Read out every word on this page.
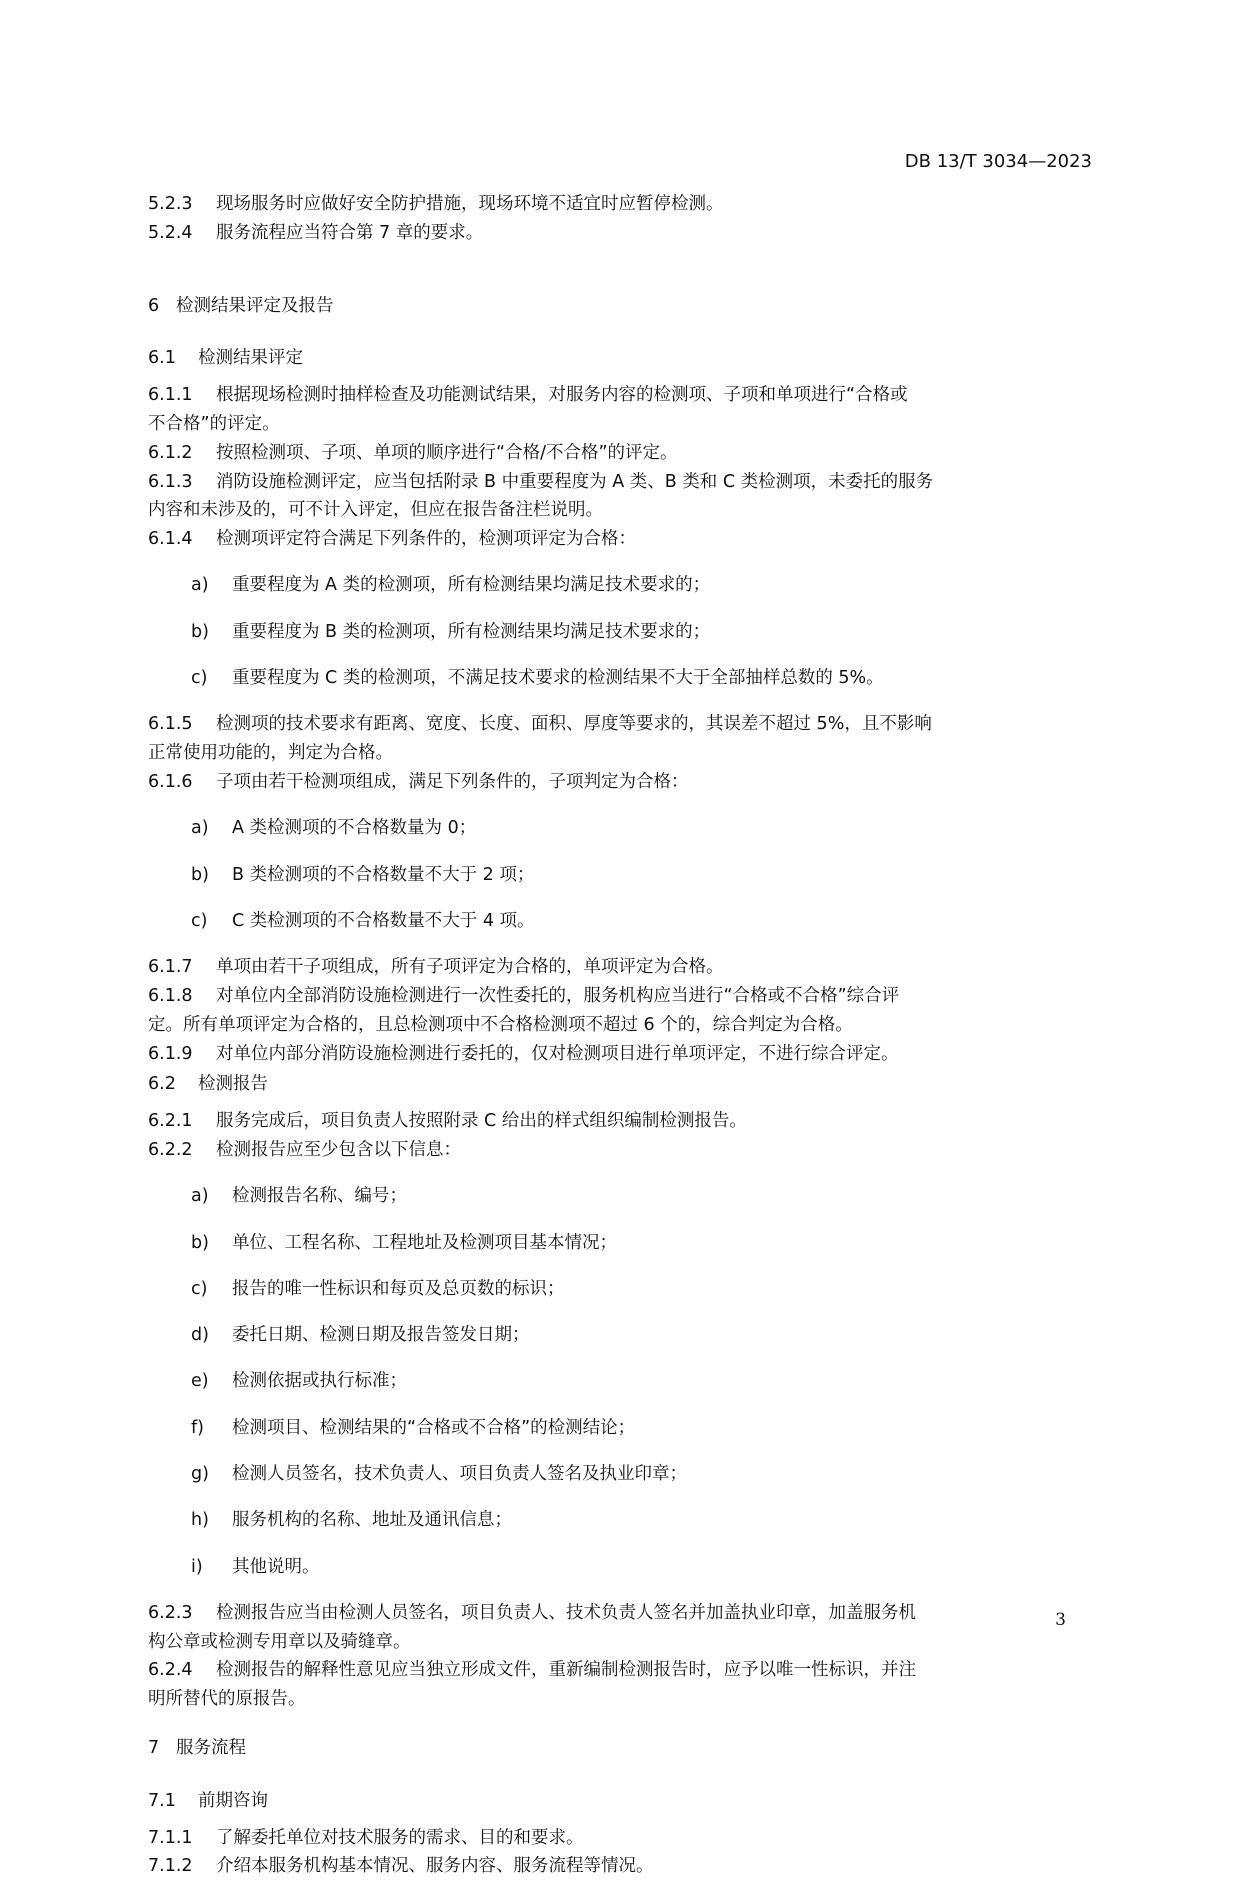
DB 13/T 3034—2023

5.2.3 现场服务时应做好安全防护措施，现场环境不适宜时应暂停检测。

5.2.4 服务流程应当符合第 7 章的要求。

6 检测结果评定及报告

6.1 检测结果评定

6.1.1 根据现场检测时抽样检查及功能测试结果，对服务内容的检测项、子项和单项进行“合格或

不合格”的评定。

6.1.2 按照检测项、子项、单项的顺序进行“合格/不合格”的评定。

6.1.3 消防设施检测评定，应当包括附录 B 中重要程度为 A 类、B 类和 C 类检测项，未委托的服务

内容和未涉及的，可不计入评定，但应在报告备注栏说明。

6.1.4 检测项评定符合满足下列条件的，检测项评定为合格：

a) 重要程度为 A 类的检测项，所有检测结果均满足技术要求的；

b) 重要程度为 B 类的检测项，所有检测结果均满足技术要求的；

c) 重要程度为 C 类的检测项，不满足技术要求的检测结果不大于全部抽样总数的 5%。

6.1.5 检测项的技术要求有距离、宽度、长度、面积、厚度等要求的，其误差不超过 5%，且不影响

正常使用功能的，判定为合格。

6.1.6 子项由若干检测项组成，满足下列条件的，子项判定为合格：

a) A 类检测项的不合格数量为 0；

b) B 类检测项的不合格数量不大于 2 项；

c) C 类检测项的不合格数量不大于 4 项。

6.1.7 单项由若干子项组成，所有子项评定为合格的，单项评定为合格。

6.1.8 对单位内全部消防设施检测进行一次性委托的，服务机构应当进行“合格或不合格”综合评

定。所有单项评定为合格的，且总检测项中不合格检测项不超过 6 个的，综合判定为合格。

6.1.9 对单位内部分消防设施检测进行委托的，仅对检测项目进行单项评定，不进行综合评定。

6.2 检测报告

6.2.1 服务完成后，项目负责人按照附录 C 给出的样式组织编制检测报告。

6.2.2 检测报告应至少包含以下信息：

a) 检测报告名称、编号；

b) 单位、工程名称、工程地址及检测项目基本情况；

c) 报告的唯一性标识和每页及总页数的标识；

d) 委托日期、检测日期及报告签发日期；

e) 检测依据或执行标准；

f) 检测项目、检测结果的“合格或不合格”的检测结论；

g) 检测人员签名，技术负责人、项目负责人签名及执业印章；

h) 服务机构的名称、地址及通讯信息；

i) 其他说明。

6.2.3 检测报告应当由检测人员签名，项目负责人、技术负责人签名并加盖执业印章，加盖服务机

构公章或检测专用章以及骑缝章。

6.2.4 检测报告的解释性意见应当独立形成文件，重新编制检测报告时，应予以唯一性标识，并注

明所替代的原报告。

7 服务流程

7.1 前期咨询

7.1.1 了解委托单位对技术服务的需求、目的和要求。

7.1.2 介绍本服务机构基本情况、服务内容、服务流程等情况。

3
